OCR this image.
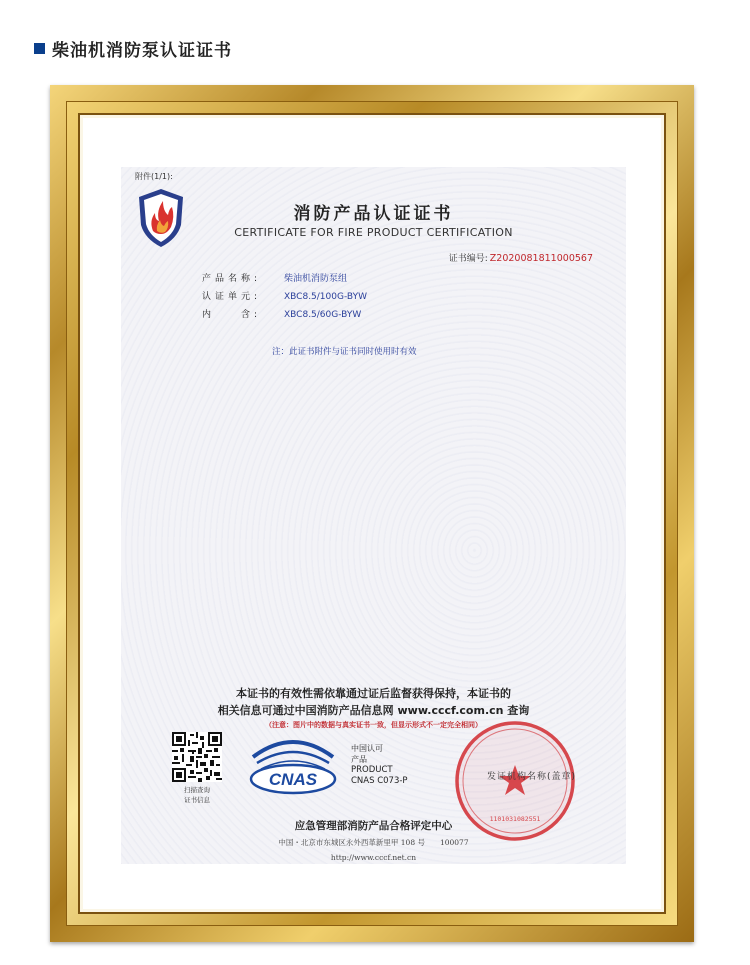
柴油机消防泵认证证书
附件(1/1):
消防产品认证证书
CERTIFICATE FOR FIRE PRODUCT CERTIFICATION
证书编号: Z2020081811000567
产品名称:	柴油机消防泵组
认证单元:	XBC8.5/100G-BYW
内　　含:	XBC8.5/60G-BYW
注：此证书附件与证书同时使用时有效
本证书的有效性需依靠通过证后监督获得保持，本证书的
相关信息可通过中国消防产品信息网 www.cccf.com.cn 查询
（注意：图片中的数据与真实证书一致，但显示形式不一定完全相同）
扫描查询
证书信息
CNAS
中国认可
产品
PRODUCT
CNAS C073-P
1101031082551
发证机构名称(盖章)
应急管理部消防产品合格评定中心
中国・北京市东城区永外西革新里甲 108 号　　100077
http://www.cccf.net.cn
